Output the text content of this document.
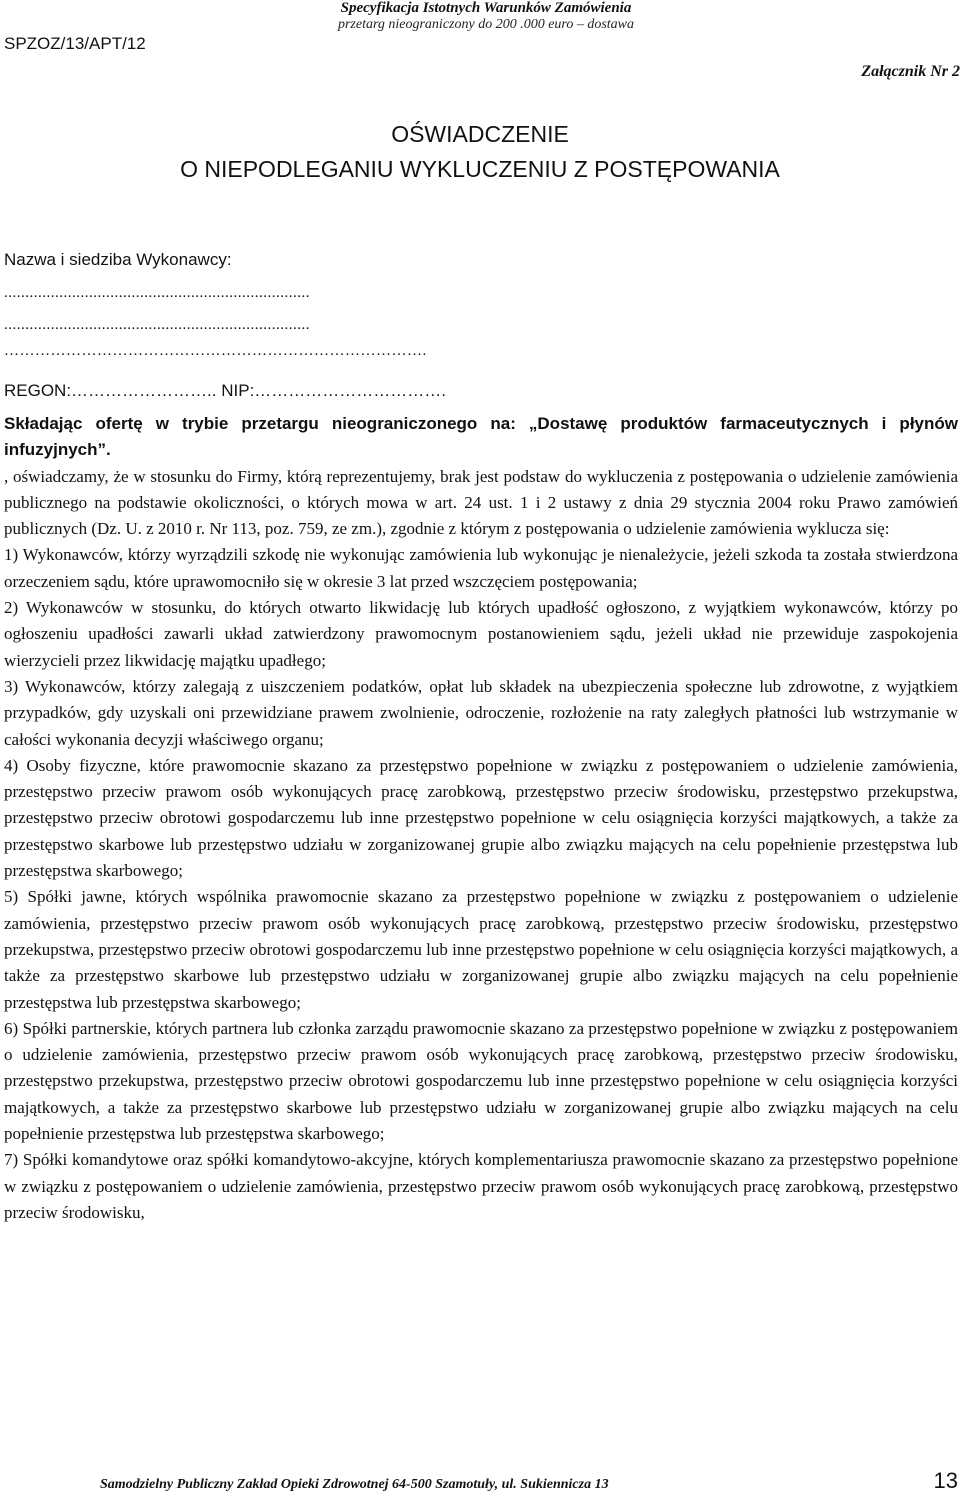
Specyfikacja Istotnych Warunków Zamówienia
przetarg nieograniczony do 200 .000 euro – dostawa
SPZOZ/13/APT/12
Załącznik Nr 2
OŚWIADCZENIE
O NIEPODLEGANIU WYKLUCZENIU Z POSTĘPOWANIA
Nazwa i siedziba Wykonawcy:
........................................................................
........................................................................
……………………………………………………………………….
REGON:…………………….. NIP:…………………………….

Składając ofertę w trybie przetargu nieograniczonego na: „Dostawę produktów farmaceutycznych i płynów infuzyjnych”.

, oświadczamy, że w stosunku do Firmy, którą reprezentujemy, brak jest podstaw do wykluczenia z postępowania o udzielenie zamówienia publicznego na podstawie okoliczności, o których mowa w art. 24 ust. 1 i 2 ustawy z dnia 29 stycznia 2004 roku Prawo zamówień publicznych (Dz. U. z 2010 r. Nr 113, poz. 759, ze zm.), zgodnie z którym z postępowania o udzielenie zamówienia wyklucza się:

1) Wykonawców, którzy wyrządzili szkodę nie wykonując zamówienia lub wykonując je nienależycie, jeżeli szkoda ta została stwierdzona orzeczeniem sądu, które uprawomocniło się w okresie 3 lat przed wszczęciem postępowania;

2) Wykonawców w stosunku, do których otwarto likwidację lub których upadłość ogłoszono, z wyjątkiem wykonawców, którzy po ogłoszeniu upadłości zawarli układ zatwierdzony prawomocnym postanowieniem sądu, jeżeli układ nie przewiduje zaspokojenia wierzycieli przez likwidację majątku upadłego;

3) Wykonawców, którzy zalegają z uiszczeniem podatków, opłat lub składek na ubezpieczenia społeczne lub zdrowotne, z wyjątkiem przypadków, gdy uzyskali oni przewidziane prawem zwolnienie, odroczenie, rozłożenie na raty zaległych płatności lub wstrzymanie w całości wykonania decyzji właściwego organu;

4) Osoby fizyczne, które prawomocnie skazano za przestępstwo popełnione w związku z postępowaniem o udzielenie zamówienia, przestępstwo przeciw prawom osób wykonujących pracę zarobkową, przestępstwo przeciw środowisku, przestępstwo przekupstwa, przestępstwo przeciw obrotowi gospodarczemu lub inne przestępstwo popełnione w celu osiągnięcia korzyści majątkowych, a także za przestępstwo skarbowe lub przestępstwo udziału w zorganizowanej grupie albo związku mających na celu popełnienie przestępstwa lub przestępstwa skarbowego;

5) Spółki jawne, których wspólnika prawomocnie skazano za przestępstwo popełnione w związku z postępowaniem o udzielenie zamówienia, przestępstwo przeciw prawom osób wykonujących pracę zarobkową, przestępstwo przeciw środowisku, przestępstwo przekupstwa, przestępstwo przeciw obrotowi gospodarczemu lub inne przestępstwo popełnione w celu osiągnięcia korzyści majątkowych, a także za przestępstwo skarbowe lub przestępstwo udziału w zorganizowanej grupie albo związku mających na celu popełnienie przestępstwa lub przestępstwa skarbowego;

6) Spółki partnerskie, których partnera lub członka zarządu prawomocnie skazano za przestępstwo popełnione w związku z postępowaniem o udzielenie zamówienia, przestępstwo przeciw prawom osób wykonujących pracę zarobkową, przestępstwo przeciw środowisku, przestępstwo przekupstwa, przestępstwo przeciw obrotowi gospodarczemu lub inne przestępstwo popełnione w celu osiągnięcia korzyści majątkowych, a także za przestępstwo skarbowe lub przestępstwo udziału w zorganizowanej grupie albo związku mających na celu popełnienie przestępstwa lub przestępstwa skarbowego;

7) Spółki komandytowe oraz spółki komandytowo-akcyjne, których komplementariusza prawomocnie skazano za przestępstwo popełnione w związku z postępowaniem o udzielenie zamówienia, przestępstwo przeciw prawom osób wykonujących pracę zarobkową, przestępstwo przeciw środowisku,

Samodzielny Publiczny Zakład Opieki Zdrowotnej 64-500 Szamotuły, ul. Sukiennicza 13	13
